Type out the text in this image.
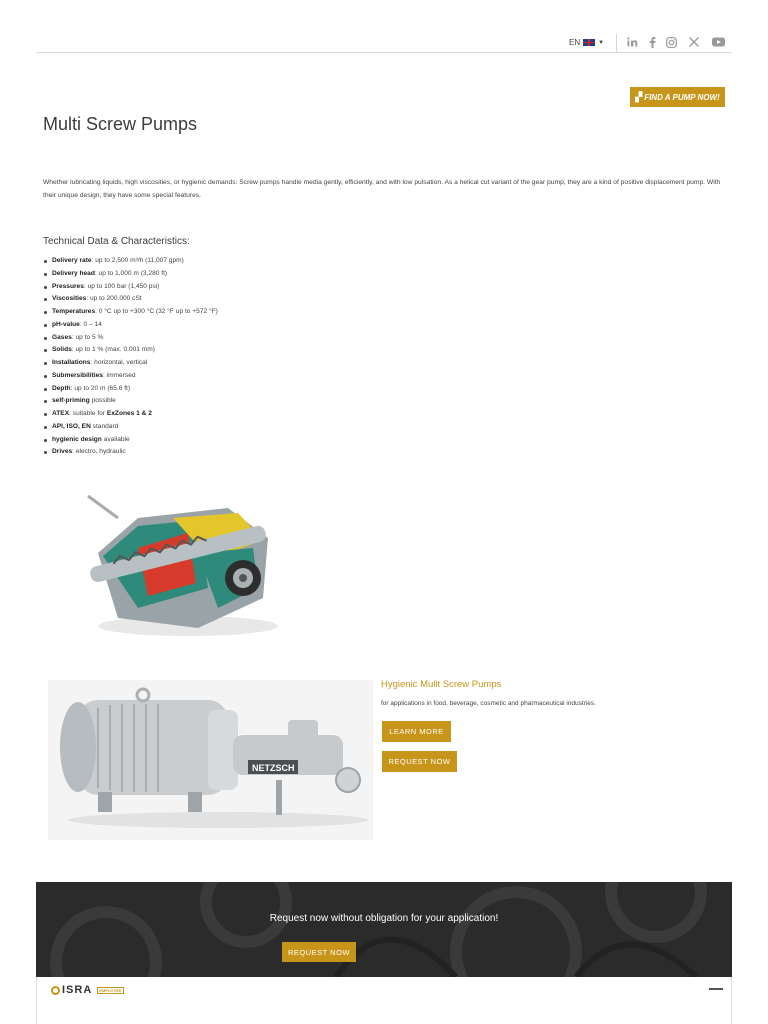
EN	▼
▞ FIND A PUMP NOW!
Multi Screw Pumps

Whether lubricating liquids, high viscosities, or hygienic demands: Screw pumps handle media gently, efficiently, and with low pulsation. As a helical cut variant of the gear pump, they are a kind of positive displacement pump. With their unique design, they have some special features.

Technical Data & Characteristics:
Delivery rate: up to 2,500 m³/h (11,007 gpm)
Delivery head: up to 1,000 m (3,280 ft)
Pressures: up to 100 bar (1,450 psi)
Viscosities: up to 200.000 cSt
Temperatures: 0 °C up to +300 °C (32 °F up to +572 °F)
pH-value: 0 – 14
Gases: up to 5 %
Solids: up to 1 % (max. 0.001 mm)
Installations: horizontal, vertical
Submersibilities: immersed
Depth: up to 20 m (65.6 ft)
self-priming possible
ATEX: suitable for ExZones 1 & 2
API, ISO, EN standard
hygienic design available
Drives: electro, hydraulic
NETZSCH
Hygienic Mulit Screw Pumps
for applications in food, beverage, cosmetic and pharmaceutical industries.
LEARN MORE
REQUEST NOW
Request now without obligation for your application!
REQUEST NOW
ISRA	EMPLOYEE
